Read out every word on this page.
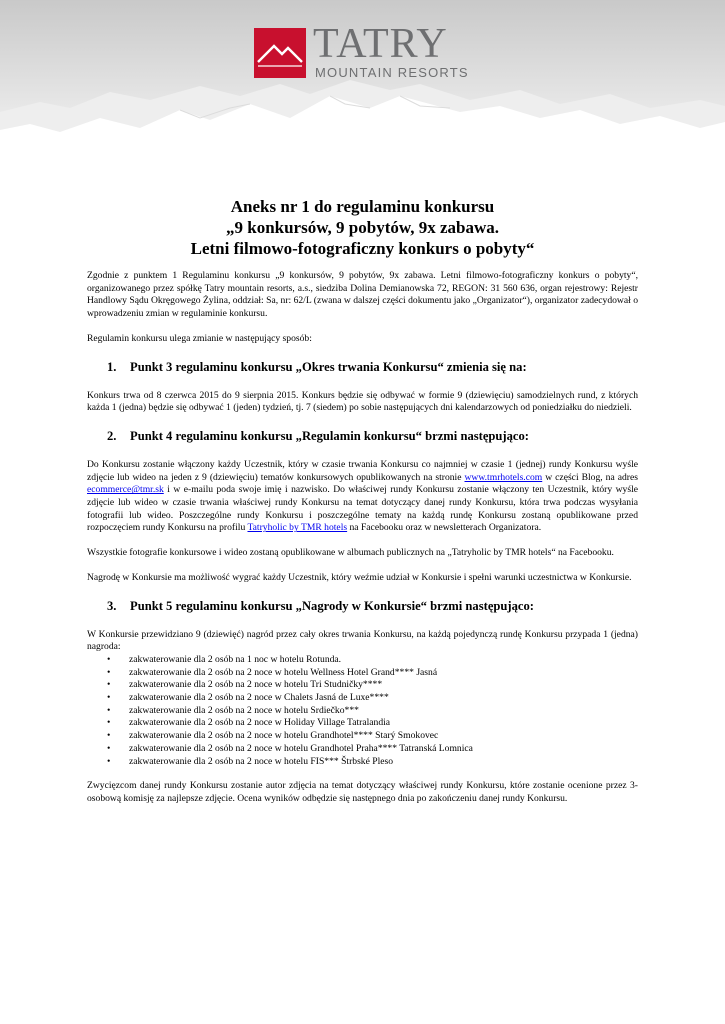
TATRY
MOUNTAIN RESORTS
Aneks nr 1 do regulaminu konkursu
„9 konkursów, 9 pobytów, 9x zabawa.
Letni filmowo-fotograficzny konkurs o pobyty“

Zgodnie z punktem 1 Regulaminu konkursu „9 konkursów, 9 pobytów, 9x zabawa. Letni filmowo-fotograficzny konkurs o pobyty“, organizowanego przez spółkę Tatry mountain resorts, a.s., siedziba Dolina Demianowska 72, REGON: 31 560 636, organ rejestrowy: Rejestr Handlowy Sądu Okręgowego Żylina, oddział: Sa, nr: 62/L (zwana w dalszej części dokumentu jako „Organizator“), organizator zadecydował o wprowadzeniu zmian w regulaminie konkursu.

Regulamin konkursu ulega zmianie w następujący sposób:

1. Punkt 3 regulaminu konkursu „Okres trwania Konkursu“ zmienia się na:

Konkurs trwa od 8 czerwca 2015 do 9 sierpnia 2015. Konkurs będzie się odbywać w formie 9 (dziewięciu) samodzielnych rund, z których każda 1 (jedna) będzie się odbywać 1 (jeden) tydzień, tj. 7 (siedem) po sobie następujących dni kalendarzowych od poniedziałku do niedzieli.

2. Punkt 4 regulaminu konkursu „Regulamin konkursu“ brzmi następująco:

Do Konkursu zostanie włączony każdy Uczestnik, który w czasie trwania Konkursu co najmniej w czasie 1 (jednej) rundy Konkursu wyśle zdjęcie lub wideo na jeden z 9 (dziewięciu) tematów konkursowych opublikowanych na stronie www.tmrhotels.com w części Blog, na adres ecommerce@tmr.sk i w e-mailu poda swoje imię i nazwisko. Do właściwej rundy Konkursu zostanie włączony ten Uczestnik, który wyśle zdjęcie lub wideo w czasie trwania właściwej rundy Konkursu na temat dotyczący danej rundy Konkursu, która trwa podczas wysyłania fotografii lub wideo. Poszczególne rundy Konkursu i poszczególne tematy na każdą rundę Konkursu zostaną opublikowane przed rozpoczęciem rundy Konkursu na profilu Tatryholic by TMR hotels na Facebooku oraz w newsletterach Organizatora.

Wszystkie fotografie konkursowe i wideo zostaną opublikowane w albumach publicznych na „Tatryholic by TMR hotels“ na Facebooku.

Nagrodę w Konkursie ma możliwość wygrać każdy Uczestnik, który weźmie udział w Konkursie i spełni warunki uczestnictwa w Konkursie.

3. Punkt 5 regulaminu konkursu „Nagrody w Konkursie“ brzmi następująco:

W Konkursie przewidziano 9 (dziewięć) nagród przez cały okres trwania Konkursu, na każdą pojedynczą rundę Konkursu przypada 1 (jedna) nagroda:

• zakwaterowanie dla 2 osób na 1 noc w hotelu Rotunda.
• zakwaterowanie dla 2 osób na 2 noce w hotelu Wellness Hotel Grand**** Jasná
• zakwaterowanie dla 2 osób na 2 noce w hotelu Tri Studničky****
• zakwaterowanie dla 2 osób na 2 noce w Chalets Jasná de Luxe****
• zakwaterowanie dla 2 osób na 2 noce w hotelu Srdiečko***
• zakwaterowanie dla 2 osób na 2 noce w Holiday Village Tatralandia
• zakwaterowanie dla 2 osób na 2 noce w hotelu Grandhotel**** Starý Smokovec
• zakwaterowanie dla 2 osób na 2 noce w hotelu Grandhotel Praha**** Tatranská Lomnica
• zakwaterowanie dla 2 osób na 2 noce w hotelu FIS*** Štrbské Pleso

Zwycięzcom danej rundy Konkursu zostanie autor zdjęcia na temat dotyczący właściwej rundy Konkursu, które zostanie ocenione przez 3-osobową komisję za najlepsze zdjęcie. Ocena wyników odbędzie się następnego dnia po zakończeniu danej rundy Konkursu.
